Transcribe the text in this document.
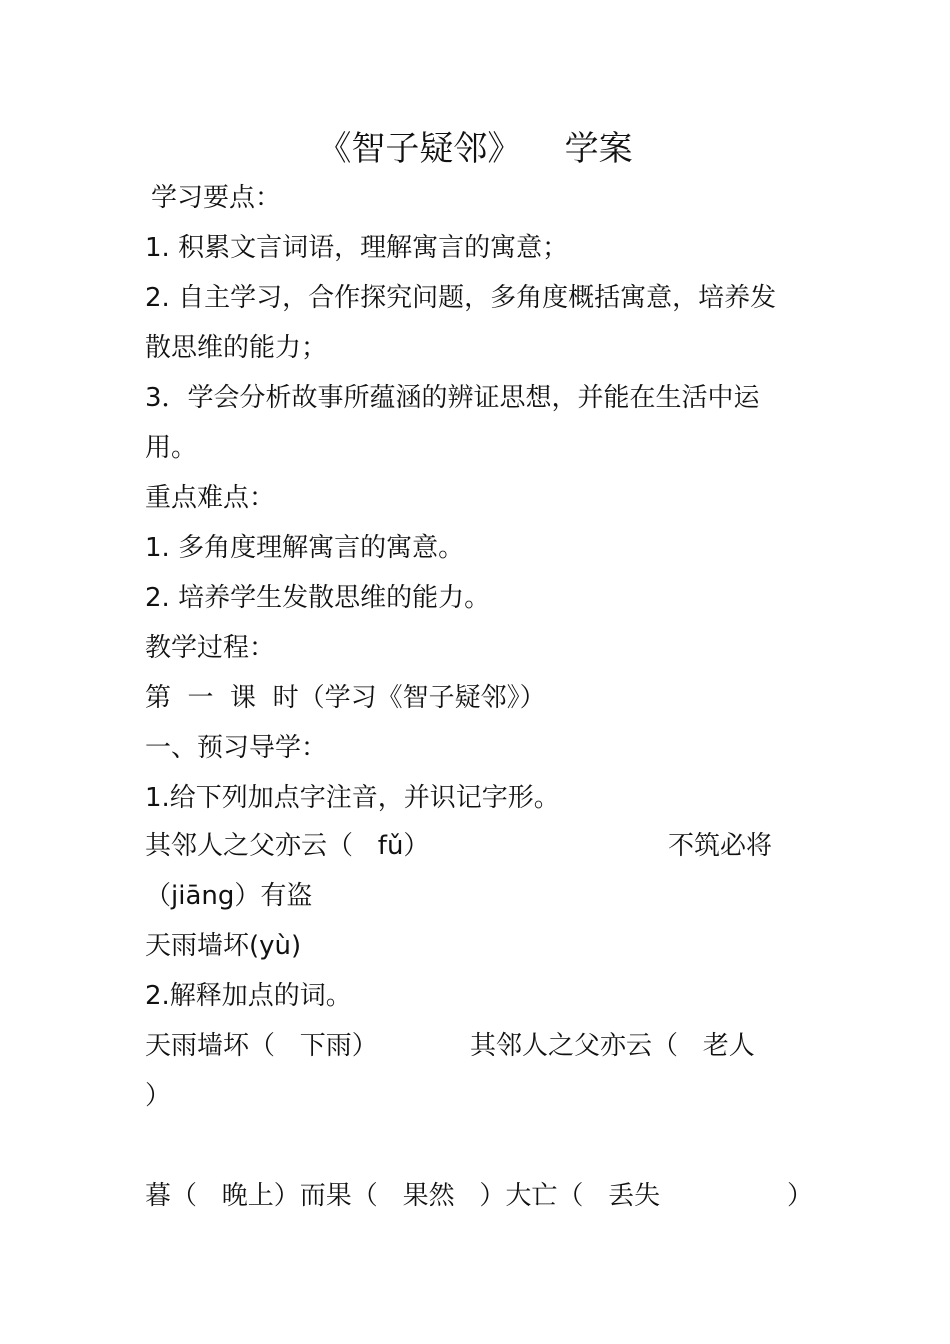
《智子疑邻》    学案
学习要点：
1. 积累文言词语，理解寓言的寓意；
2. 自主学习，合作探究问题，多角度概括寓意，培养发
散思维的能力；
3．学会分析故事所蕴涵的辨证思想，并能在生活中运
用。
重点难点：
1. 多角度理解寓言的寓意。
2. 培养学生发散思维的能力。
教学过程：
第  一  课  时（学习《智子疑邻》）
一、预习导学：
1.给下列加点字注音，并识记字形。
其邻人之父亦云（   fǔ）	不筑必将
（jiāng）有盗
天雨墙坏(yù)
2.解释加点的词。
天雨墙坏（   下雨）	其邻人之父亦云（   老人
）
暮（   晚上）而果（   果然   ）大亡（   丢失	）
